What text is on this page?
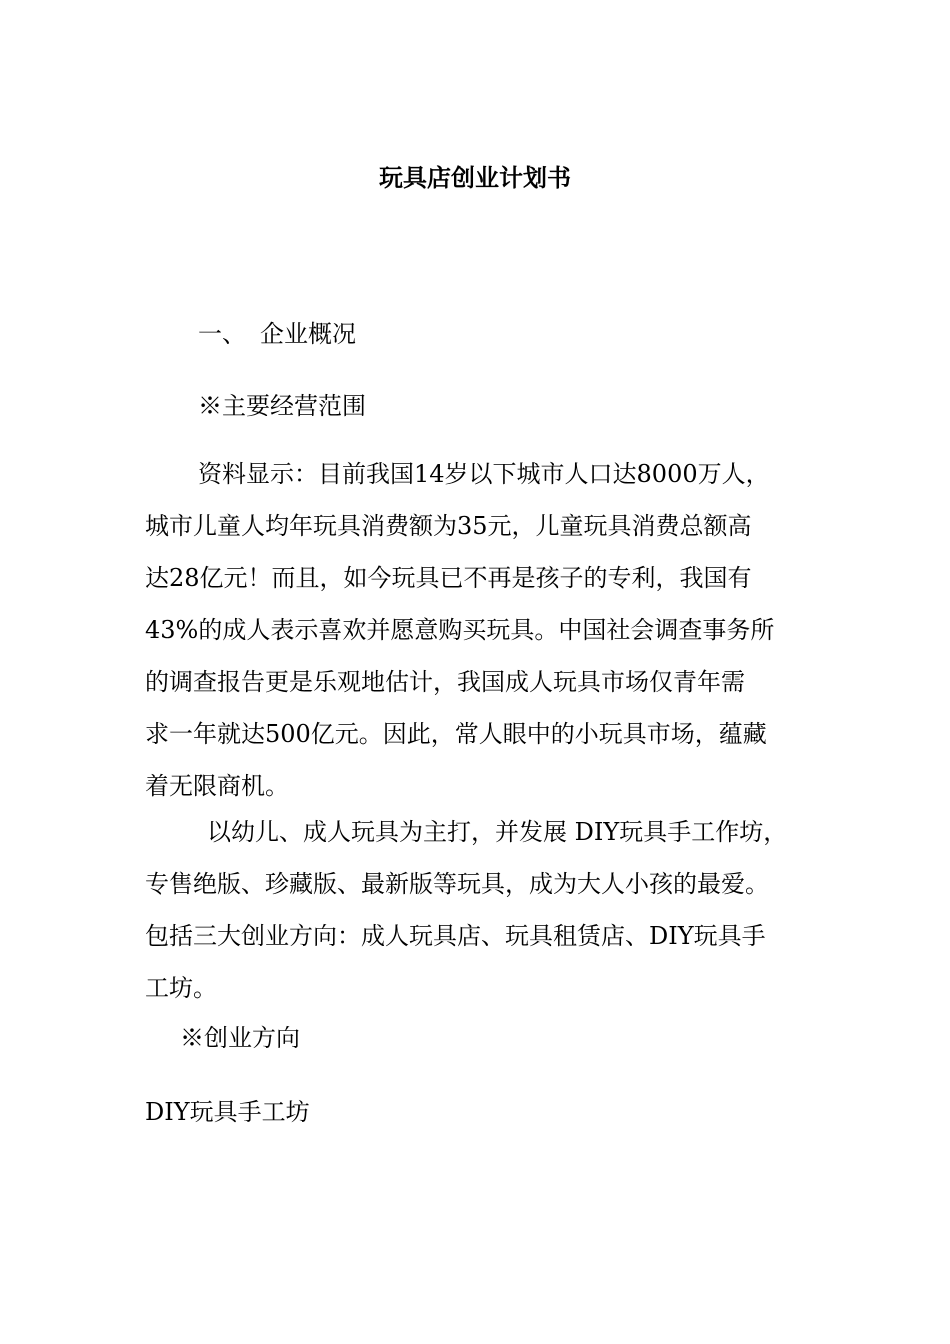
玩具店创业计划书
一、 企业概况
※主要经营范围
资料显示：目前我国14岁以下城市人口达8000万人，
城市儿童人均年玩具消费额为35元，儿童玩具消费总额高
达28亿元！而且，如今玩具已不再是孩子的专利，我国有
43%的成人表示喜欢并愿意购买玩具。中国社会调查事务所
的调查报告更是乐观地估计，我国成人玩具市场仅青年需
求一年就达500亿元。因此，常人眼中的小玩具市场，蕴藏
着无限商机。
以幼儿、成人玩具为主打，并发展 DIY玩具手工作坊，
专售绝版、珍藏版、最新版等玩具，成为大人小孩的最爱。
包括三大创业方向：成人玩具店、玩具租赁店、DIY玩具手
工坊。
※创业方向
DIY玩具手工坊
